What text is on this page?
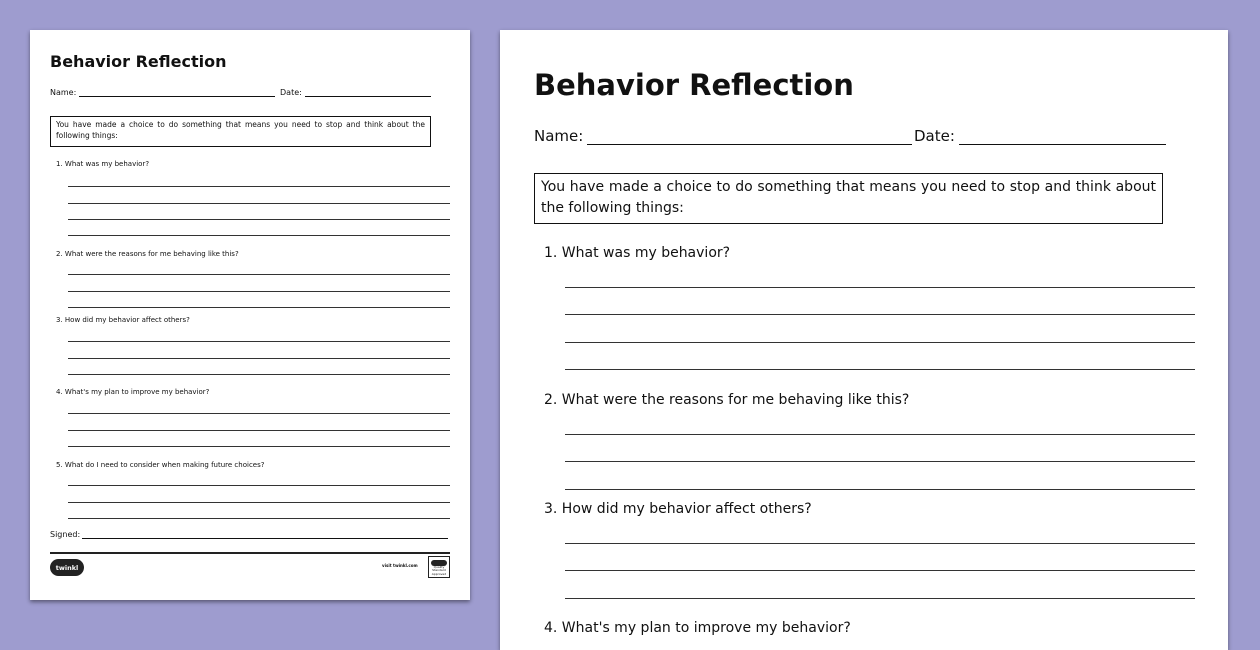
Behavior Reflection
Name:	Date:
You have made a choice to do something that means you need to stop and think about the following things:
1. What was my behavior?
2. What were the reasons for me behaving like this?
3. How did my behavior affect others?
4. What's my plan to improve my behavior?
5. What do I need to consider when making future choices?
Signed:
twinkl	visit twinkl.com	Quality Standard Approved
Behavior Reflection
Name:	Date:
You have made a choice to do something that means you need to stop and think about the following things:
1. What was my behavior?
2. What were the reasons for me behaving like this?
3. How did my behavior affect others?
4. What's my plan to improve my behavior?
